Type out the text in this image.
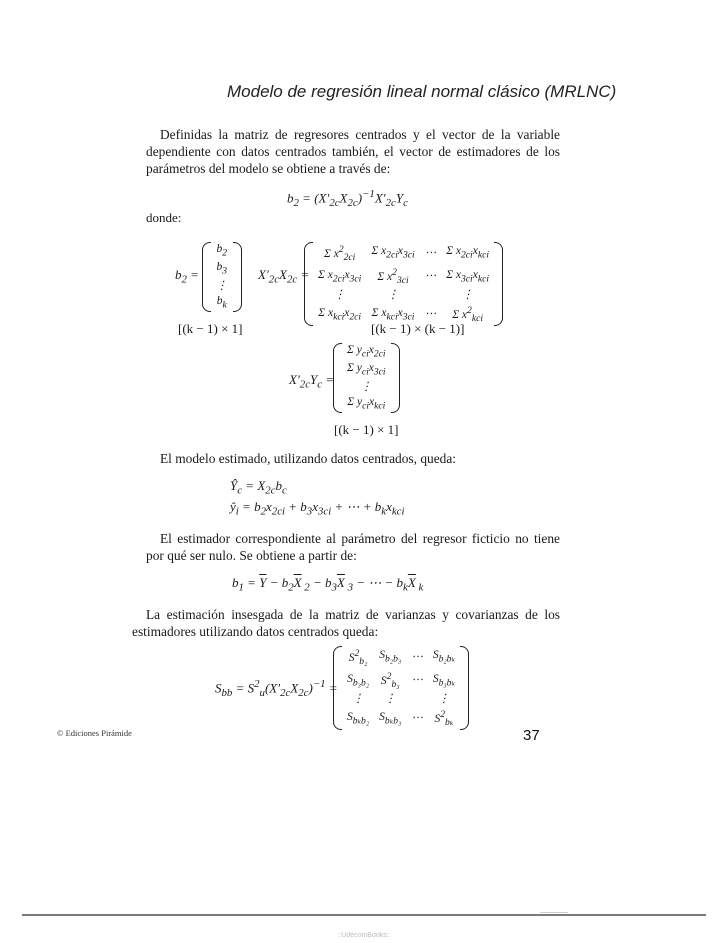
Modelo de regresión lineal normal clásico (MRLNC)

Definidas la matriz de regresores centrados y el vector de la variable dependiente con datos centrados también, el vector de estimadores de los parámetros del modelo se obtiene a través de:

$b_2 = (X'_{2c}X_{2c})^{-1}X'_{2c}Y_c$
donde:
$b_2$ =
$b_2$
$b_3$
⋮
$b_k$
[(k − 1) × 1]
$X'_{2c}X_{2c}$ =
Σ $x^2_{2ci}$	Σ $x_{2ci}x_{3ci}$	⋯	Σ $x_{2ci}x_{kci}$
Σ $x_{2ci}x_{3ci}$	Σ $x^2_{3ci}$	⋯	Σ $x_{3ci}x_{kci}$
⋮	⋮		⋮
Σ $x_{kci}x_{2ci}$	Σ $x_{kci}x_{3ci}$	⋯	Σ $x^2_{kci}$
[(k − 1) × (k − 1)]
$X'_{2c}Y_c$ =
Σ $y_{ci}x_{2ci}$
Σ $y_{ci}x_{3ci}$
⋮
Σ $y_{ci}x_{kci}$
[(k − 1) × 1]

El modelo estimado, utilizando datos centrados, queda:

$Ŷ_c = X_{2c}b_c$
$ŷ_i = b_2x_{2ci} + b_3x_{3ci}$ + ⋯ + $b_kx_{kci}$

El estimador correspondiente al parámetro del regresor ficticio no tiene por qué ser nulo. Se obtiene a partir de:

$b_1 = \overline{Y} - b_2\overline{X}$ $_2 - b_3\overline{X}$ $_3$ − ⋯ − $b_k\overline{X}$ $_k$

La estimación insesgada de la matriz de varianzas y covarianzas de los estimadores utilizando datos centrados queda:

$S_{bb} = S^2_u(X'_{2c}X_{2c})^{-1}$ =
$S^2_{b_2}$	$S_{b_2b_3}$	⋯	$S_{b_2b_k}$
$S_{b_3b_2}$	$S^2_{b_3}$	⋯	$S_{b_3b_k}$
⋮	⋮		⋮
$S_{b_kb_2}$	$S_{b_kb_3}$	⋯	$S^2_{b_k}$
© Ediciones Pirámide	37
::UdecomBooks::
